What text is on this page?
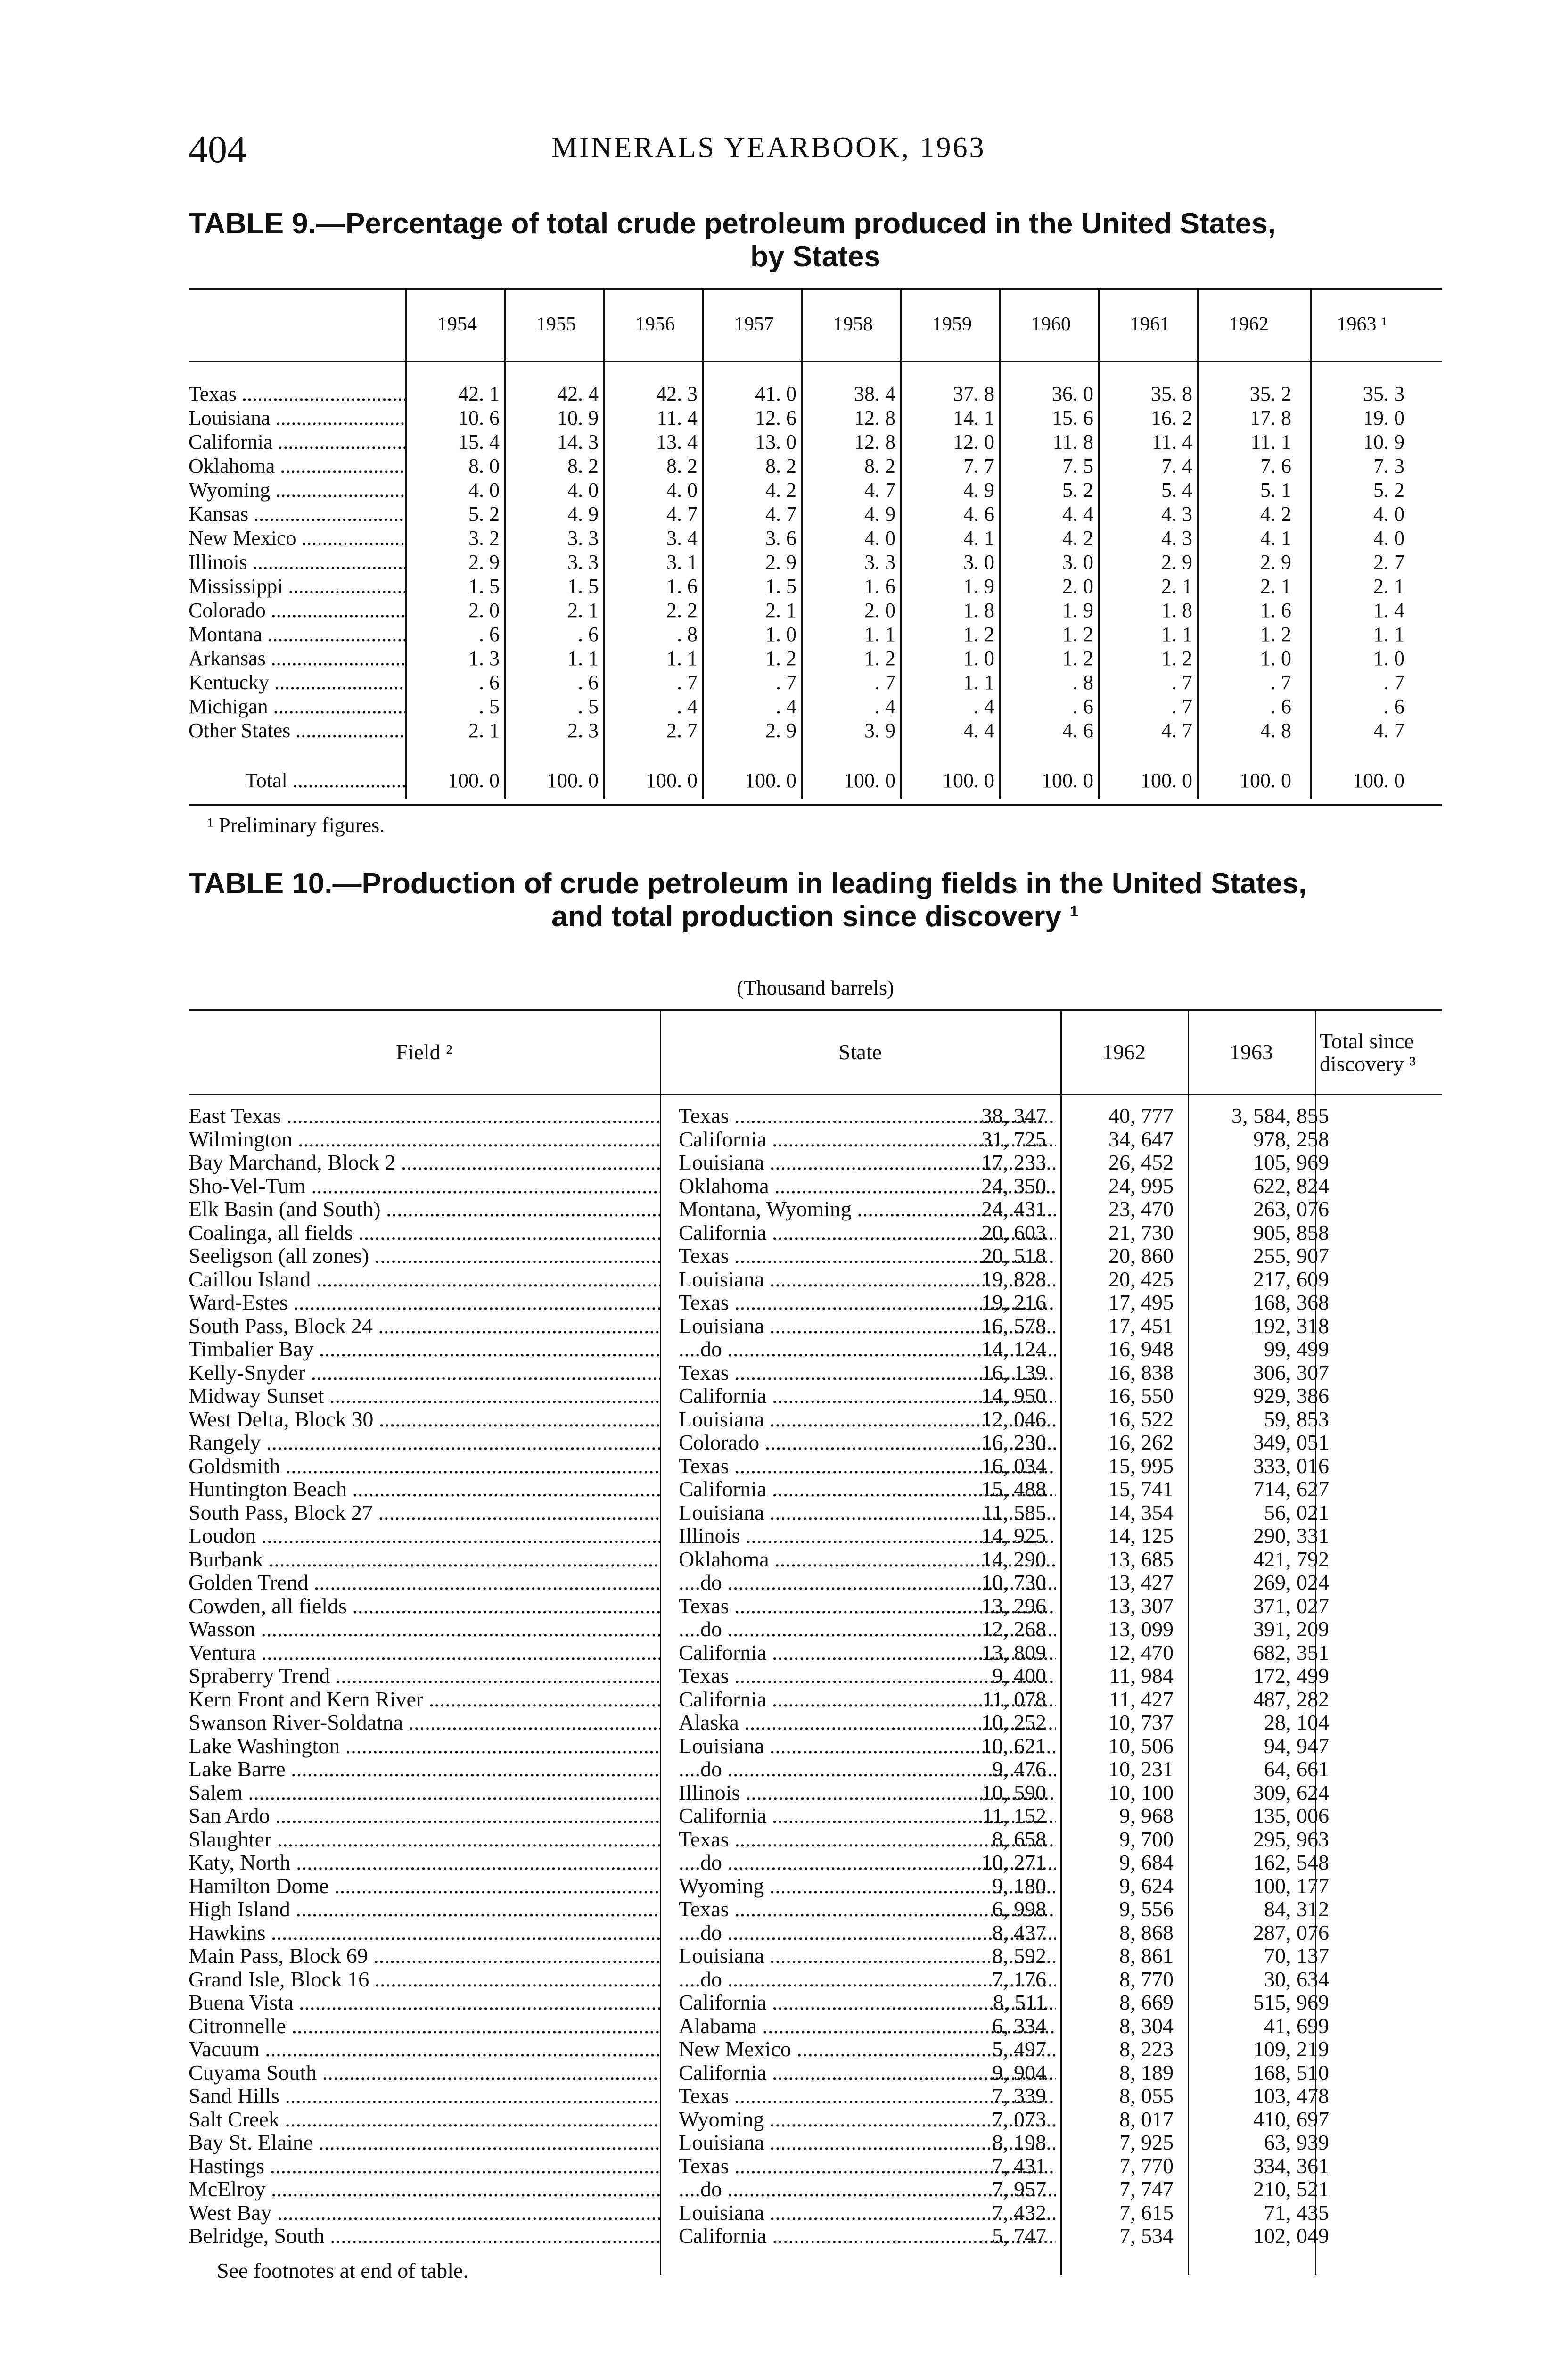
404	MINERALS YEARBOOK, 1963
TABLE 9.—Percentage of total crude petroleum produced in the United States,
by States
1954	1955	1956	1957	1958	1959	1960	1961	1962	1963 ¹
Texas .....	42. 1	42. 4	42. 3	41. 0	38. 4	37. 8	36. 0	35. 8	35. 2	35. 3
Louisiana .....	10. 6	10. 9	11. 4	12. 6	12. 8	14. 1	15. 6	16. 2	17. 8	19. 0
California .....	15. 4	14. 3	13. 4	13. 0	12. 8	12. 0	11. 8	11. 4	11. 1	10. 9
Oklahoma .....	8. 0	8. 2	8. 2	8. 2	8. 2	7. 7	7. 5	7. 4	7. 6	7. 3
Wyoming .....	4. 0	4. 0	4. 0	4. 2	4. 7	4. 9	5. 2	5. 4	5. 1	5. 2
Kansas .....	5. 2	4. 9	4. 7	4. 7	4. 9	4. 6	4. 4	4. 3	4. 2	4. 0
New Mexico .....	3. 2	3. 3	3. 4	3. 6	4. 0	4. 1	4. 2	4. 3	4. 1	4. 0
Illinois .....	2. 9	3. 3	3. 1	2. 9	3. 3	3. 0	3. 0	2. 9	2. 9	2. 7
Mississippi .....	1. 5	1. 5	1. 6	1. 5	1. 6	1. 9	2. 0	2. 1	2. 1	2. 1
Colorado .....	2. 0	2. 1	2. 2	2. 1	2. 0	1. 8	1. 9	1. 8	1. 6	1. 4
Montana .....	. 6	. 6	. 8	1. 0	1. 1	1. 2	1. 2	1. 1	1. 2	1. 1
Arkansas .....	1. 3	1. 1	1. 1	1. 2	1. 2	1. 0	1. 2	1. 2	1. 0	1. 0
Kentucky .....	. 6	. 6	. 7	. 7	. 7	1. 1	. 8	. 7	. 7	. 7
Michigan .....	. 5	. 5	. 4	. 4	. 4	. 4	. 6	. 7	. 6	. 6
Other States .....	2. 1	2. 3	2. 7	2. 9	3. 9	4. 4	4. 6	4. 7	4. 8	4. 7
Total .....	100. 0	100. 0	100. 0	100. 0	100. 0	100. 0	100. 0	100. 0	100. 0	100. 0
¹ Preliminary figures.
TABLE 10.—Production of crude petroleum in leading fields in the United States,
and total production since discovery ¹
(Thousand barrels)
Field ²	State	1962	1963	Total since
discovery ³
East Texas .....	Texas .....	38, 347	40, 777	3, 584, 855
Wilmington .....	California .....	31, 725	34, 647	978, 258
Bay Marchand, Block 2 .....	Louisiana .....	17, 233	26, 452	105, 969
Sho-Vel-Tum .....	Oklahoma .....	24, 350	24, 995	622, 824
Elk Basin (and South) .....	Montana, Wyoming .....	24, 431	23, 470	263, 076
Coalinga, all fields .....	California .....	20, 603	21, 730	905, 858
Seeligson (all zones) .....	Texas .....	20, 518	20, 860	255, 907
Caillou Island .....	Louisiana .....	19, 828	20, 425	217, 609
Ward-Estes .....	Texas .....	19, 216	17, 495	168, 368
South Pass, Block 24 .....	Louisiana .....	16, 578	17, 451	192, 318
Timbalier Bay .....	....do .....	14, 124	16, 948	99, 499
Kelly-Snyder .....	Texas .....	16, 139	16, 838	306, 307
Midway Sunset .....	California .....	14, 950	16, 550	929, 386
West Delta, Block 30 .....	Louisiana .....	12, 046	16, 522	59, 853
Rangely .....	Colorado .....	16, 230	16, 262	349, 051
Goldsmith .....	Texas .....	16, 034	15, 995	333, 016
Huntington Beach .....	California .....	15, 488	15, 741	714, 627
South Pass, Block 27 .....	Louisiana .....	11, 585	14, 354	56, 021
Loudon .....	Illinois .....	14, 925	14, 125	290, 331
Burbank .....	Oklahoma .....	14, 290	13, 685	421, 792
Golden Trend .....	....do .....	10, 730	13, 427	269, 024
Cowden, all fields .....	Texas .....	13, 296	13, 307	371, 027
Wasson .....	....do .....	12, 268	13, 099	391, 209
Ventura .....	California .....	13, 809	12, 470	682, 351
Spraberry Trend .....	Texas .....	9, 400	11, 984	172, 499
Kern Front and Kern River .....	California .....	11, 078	11, 427	487, 282
Swanson River-Soldatna .....	Alaska .....	10, 252	10, 737	28, 104
Lake Washington .....	Louisiana .....	10, 621	10, 506	94, 947
Lake Barre .....	....do .....	9, 476	10, 231	64, 661
Salem .....	Illinois .....	10, 590	10, 100	309, 624
San Ardo .....	California .....	11, 152	9, 968	135, 006
Slaughter .....	Texas .....	8, 658	9, 700	295, 963
Katy, North .....	....do .....	10, 271	9, 684	162, 548
Hamilton Dome .....	Wyoming .....	9, 180	9, 624	100, 177
High Island .....	Texas .....	6, 998	9, 556	84, 312
Hawkins .....	....do .....	8, 437	8, 868	287, 076
Main Pass, Block 69 .....	Louisiana .....	8, 592	8, 861	70, 137
Grand Isle, Block 16 .....	....do .....	7, 176	8, 770	30, 634
Buena Vista .....	California .....	8, 511	8, 669	515, 969
Citronnelle .....	Alabama .....	6, 334	8, 304	41, 699
Vacuum .....	New Mexico .....	5, 497	8, 223	109, 219
Cuyama South .....	California .....	9, 904	8, 189	168, 510
Sand Hills .....	Texas .....	7, 339	8, 055	103, 478
Salt Creek .....	Wyoming .....	7, 073	8, 017	410, 697
Bay St. Elaine .....	Louisiana .....	8, 198	7, 925	63, 939
Hastings .....	Texas .....	7, 431	7, 770	334, 361
McElroy .....	....do .....	7, 957	7, 747	210, 521
West Bay .....	Louisiana .....	7, 432	7, 615	71, 435
Belridge, South .....	California .....	5, 747	7, 534	102, 049
See footnotes at end of table.
